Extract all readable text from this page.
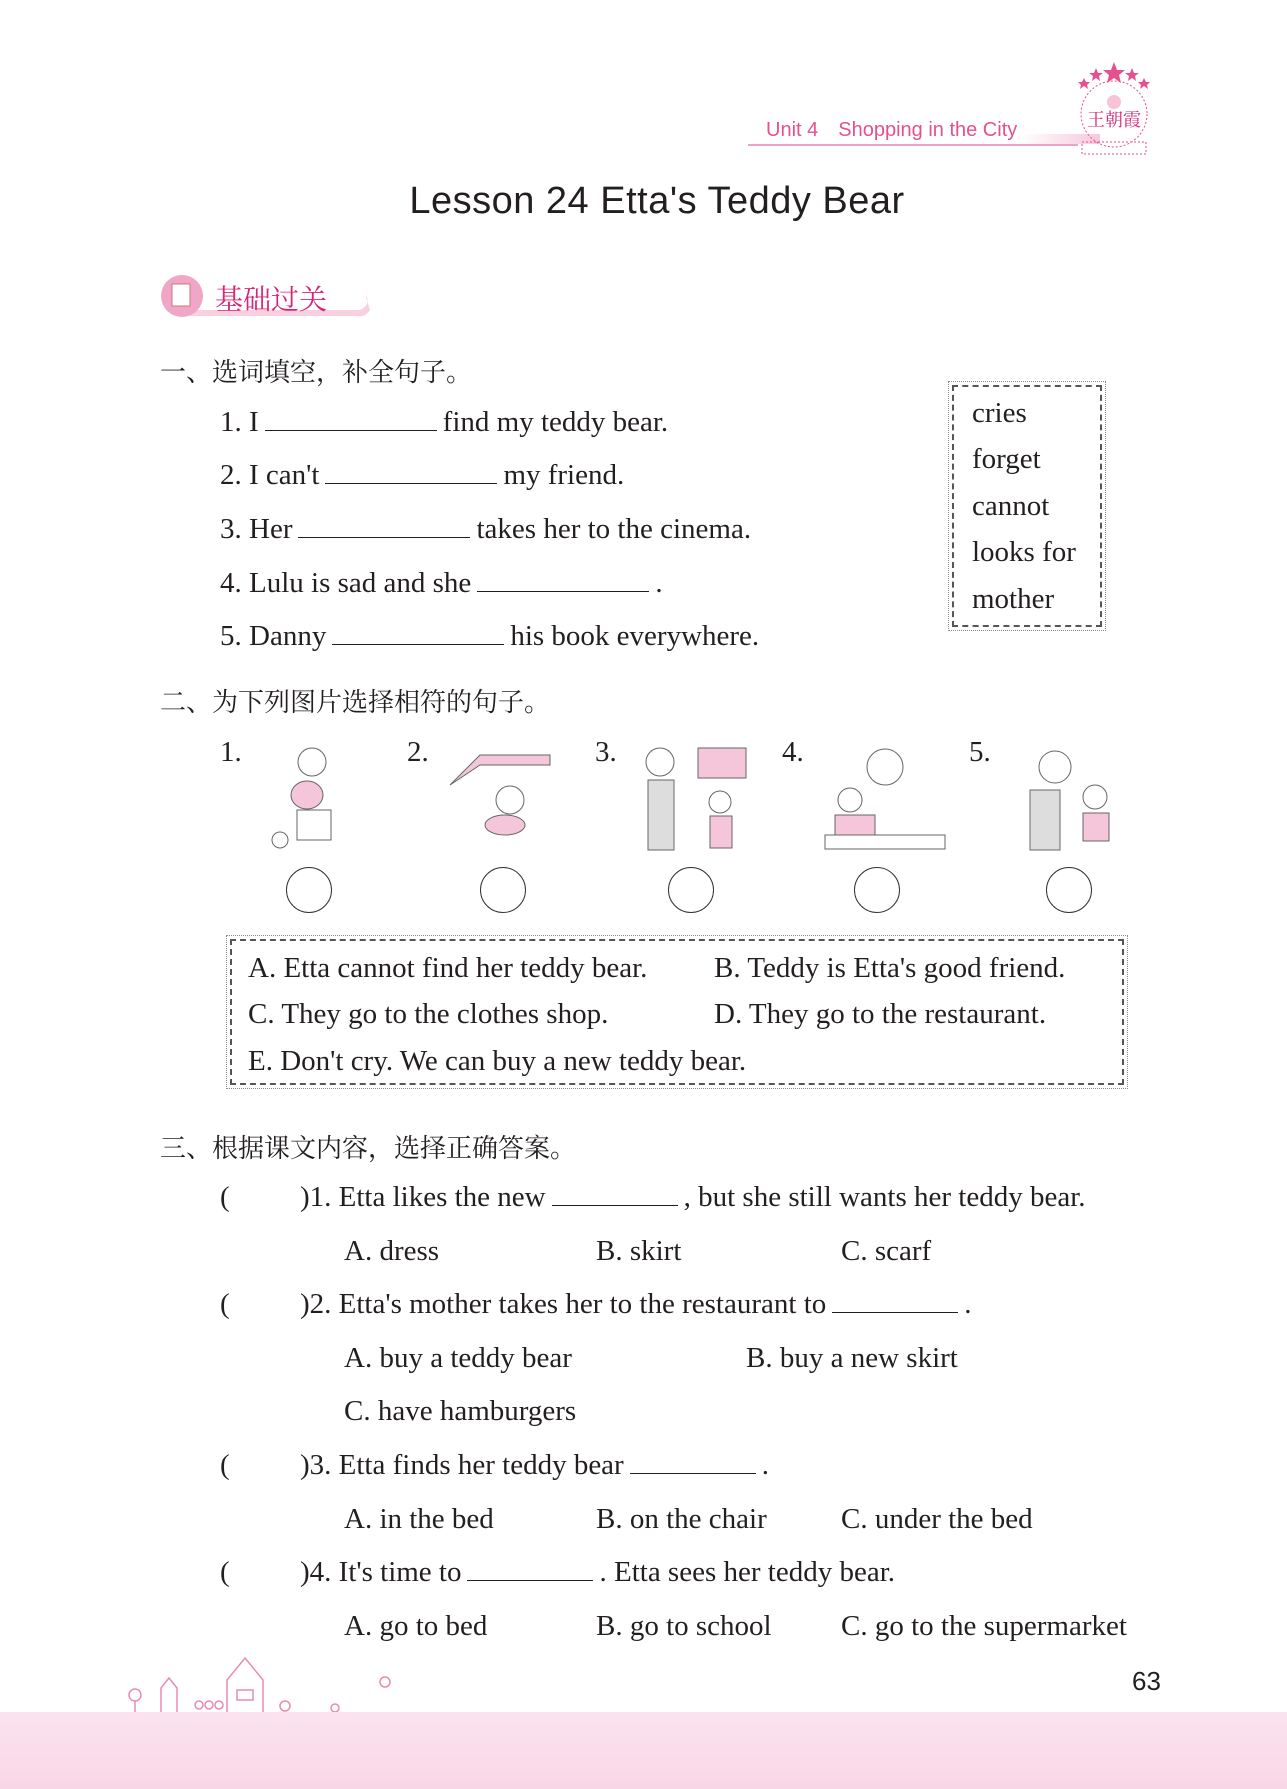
Unit 4 Shopping in the City	王朝霞
Lesson 24 Etta's Teddy Bear
基础过关
一、选词填空，补全句子。
1. I	find my teddy bear.
2. I can't	my friend.
3. Her	takes her to the cinema.
4. Lulu is sad and she	.
5. Danny	his book everywhere.
cries
forget
cannot
looks for
mother
二、为下列图片选择相符的句子。
1.	2.	3.	4.	5.
A. Etta cannot find her teddy bear. B. Teddy is Etta's good friend.
C. They go to the clothes shop.	D. They go to the restaurant.
E. Don't cry. We can buy a new teddy bear.
三、根据课文内容，选择正确答案。
( )1. Etta likes the new	, but she still wants her teddy bear.
A. dress	B. skirt	C. scarf
( )2. Etta's mother takes her to the restaurant to	.
A. buy a teddy bear	B. buy a new skirt
C. have hamburgers
( )3. Etta finds her teddy bear	.
A. in the bed	B. on the chair	C. under the bed
( )4. It's time to	. Etta sees her teddy bear.
A. go to bed	B. go to school C. go to the supermarket
63
